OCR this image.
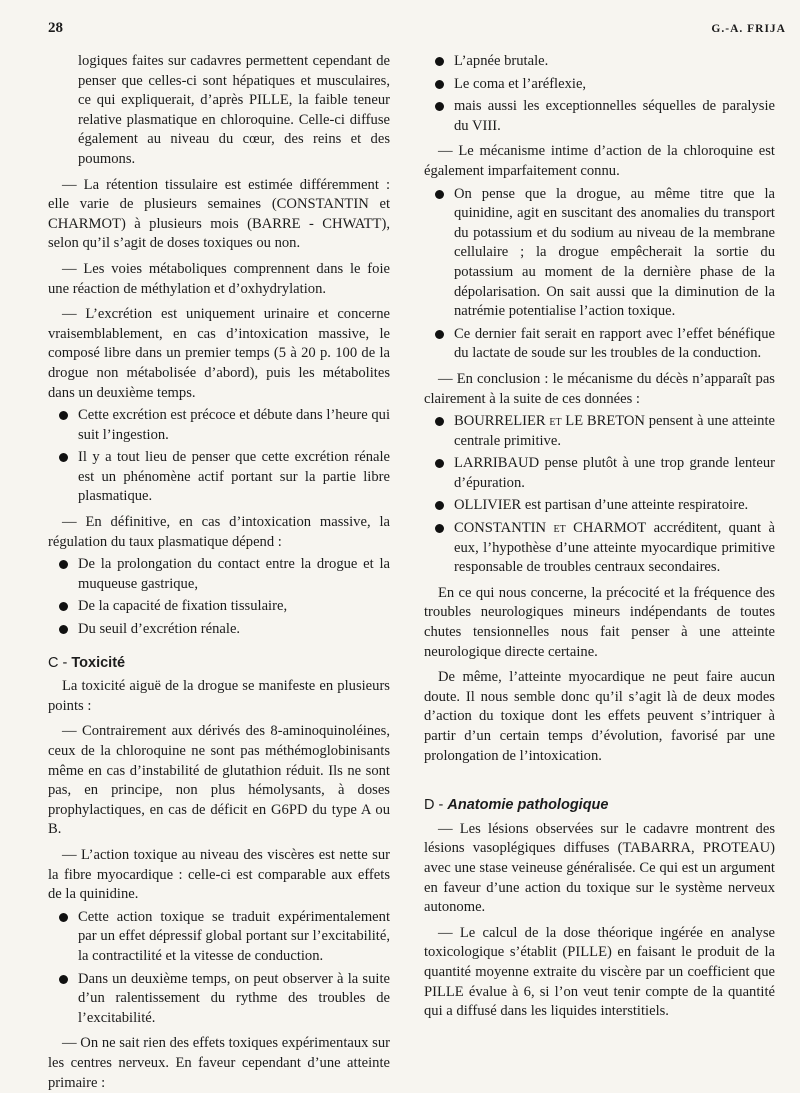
28	G.-A. FRIJA

logiques faites sur cadavres permettent cependant de penser que celles-ci sont hépatiques et musculaires, ce qui expliquerait, d’après PILLE, la faible teneur relative plasmatique en chloroquine. Celle-ci diffuse également au niveau du cœur, des reins et des poumons.

— La rétention tissulaire est estimée différemment : elle varie de plusieurs semaines (CONSTANTIN et CHARMOT) à plusieurs mois (BARRE - CHWATT), selon qu’il s’agit de doses toxiques ou non.

— Les voies métaboliques comprennent dans le foie une réaction de méthylation et d’oxhydrylation.

— L’excrétion est uniquement urinaire et concerne vraisemblablement, en cas d’intoxication massive, le composé libre dans un premier temps (5 à 20 p. 100 de la drogue non métabolisée d’abord), puis les métabolites dans un deuxième temps.

Cette excrétion est précoce et débute dans l’heure qui suit l’ingestion.

Il y a tout lieu de penser que cette excrétion rénale est un phénomène actif portant sur la partie libre plasmatique.

— En définitive, en cas d’intoxication massive, la régulation du taux plasmatique dépend :

De la prolongation du contact entre la drogue et la muqueuse gastrique,

De la capacité de fixation tissulaire,

Du seuil d’excrétion rénale.

C - Toxicité

La toxicité aiguë de la drogue se manifeste en plusieurs points :

— Contrairement aux dérivés des 8-aminoquinoléines, ceux de la chloroquine ne sont pas méthémoglobinisants même en cas d’instabilité de glutathion réduit. Ils ne sont pas, en principe, non plus hémolysants, à doses prophylactiques, en cas de déficit en G6PD du type A ou B.

— L’action toxique au niveau des viscères est nette sur la fibre myocardique : celle-ci est comparable aux effets de la quinidine.

Cette action toxique se traduit expérimentalement par un effet dépressif global portant sur l’excitabilité, la contractilité et la vitesse de conduction.

Dans un deuxième temps, on peut observer à la suite d’un ralentissement du rythme des troubles de l’excitabilité.

— On ne sait rien des effets toxiques expérimentaux sur les centres nerveux. En faveur cependant d’une atteinte primaire :

L’apnée brutale.

Le coma et l’aréflexie,

mais aussi les exceptionnelles séquelles de paralysie du VIII.

— Le mécanisme intime d’action de la chloroquine est également imparfaitement connu.

On pense que la drogue, au même titre que la quinidine, agit en suscitant des anomalies du transport du potassium et du sodium au niveau de la membrane cellulaire ; la drogue empêcherait la sortie du potassium au moment de la dernière phase de la dépolarisation. On sait aussi que la diminution de la natrémie potentialise l’action toxique.

Ce dernier fait serait en rapport avec l’effet bénéfique du lactate de soude sur les troubles de la conduction.

— En conclusion : le mécanisme du décès n’apparaît pas clairement à la suite de ces données :

BOURRELIER et LE BRETON pensent à une atteinte centrale primitive.

LARRIBAUD pense plutôt à une trop grande lenteur d’épuration.

OLLIVIER est partisan d’une atteinte respiratoire.

CONSTANTIN et CHARMOT accréditent, quant à eux, l’hypothèse d’une atteinte myocardique primitive responsable de troubles centraux secondaires.

En ce qui nous concerne, la précocité et la fréquence des troubles neurologiques mineurs indépendants de toutes chutes tensionnelles nous fait penser à une atteinte neurologique directe certaine.

De même, l’atteinte myocardique ne peut faire aucun doute. Il nous semble donc qu’il s’agit là de deux modes d’action du toxique dont les effets peuvent s’intriquer à partir d’un certain temps d’évolution, favorisé par une prolongation de l’intoxication.

D - Anatomie pathologique

— Les lésions observées sur le cadavre montrent des lésions vasoplégiques diffuses (TABARRA, PROTEAU) avec une stase veineuse généralisée. Ce qui est un argument en faveur d’une action du toxique sur le système nerveux autonome.

— Le calcul de la dose théorique ingérée en analyse toxicologique s’établit (PILLE) en faisant le produit de la quantité moyenne extraite du viscère par un coefficient que PILLE évalue à 6, si l’on veut tenir compte de la quantité qui a diffusé dans les liquides interstitiels.
